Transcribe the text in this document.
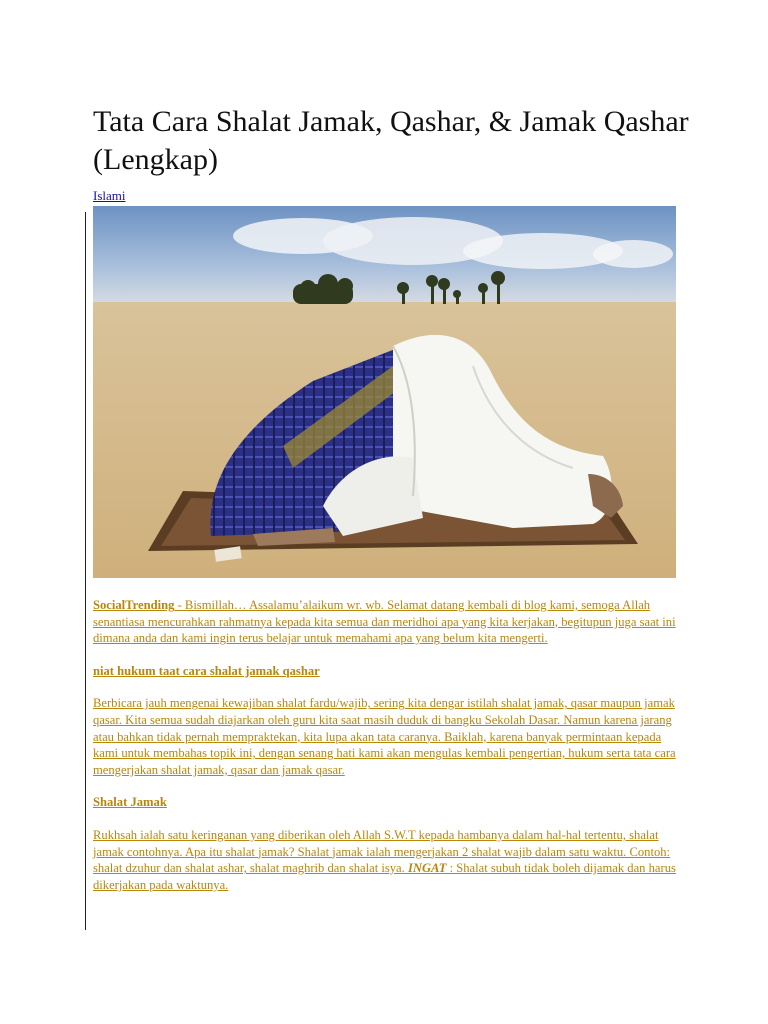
Tata Cara Shalat Jamak, Qashar, & Jamak Qashar (Lengkap)
Islami

SocialTrending - Bismillah… Assalamu’alaikum wr. wb. Selamat datang kembali di blog kami, semoga Allah senantiasa mencurahkan rahmatnya kepada kita semua dan meridhoi apa yang kita kerjakan, begitupun juga saat ini dimana anda dan kami ingin terus belajar untuk memahami apa yang belum kita mengerti.

niat hukum taat cara shalat jamak qashar

Berbicara jauh mengenai kewajiban shalat fardu/wajib, sering kita dengar istilah shalat jamak, qasar maupun jamak qasar. Kita semua sudah diajarkan oleh guru kita saat masih duduk di bangku Sekolah Dasar. Namun karena jarang atau bahkan tidak pernah mempraktekan, kita lupa akan tata caranya. Baiklah, karena banyak permintaan kepada kami untuk membahas topik ini, dengan senang hati kami akan mengulas kembali pengertian, hukum serta tata cara mengerjakan shalat jamak, qasar dan jamak qasar.

Shalat Jamak

Rukhsah ialah satu keringanan yang diberikan oleh Allah S.W.T kepada hambanya dalam hal-hal tertentu, shalat jamak contohnya. Apa itu shalat jamak? Shalat jamak ialah mengerjakan 2 shalat wajib dalam satu waktu. Contoh: shalat dzuhur dan shalat ashar, shalat maghrib dan shalat isya. INGAT : Shalat subuh tidak boleh dijamak dan harus dikerjakan pada waktunya.
